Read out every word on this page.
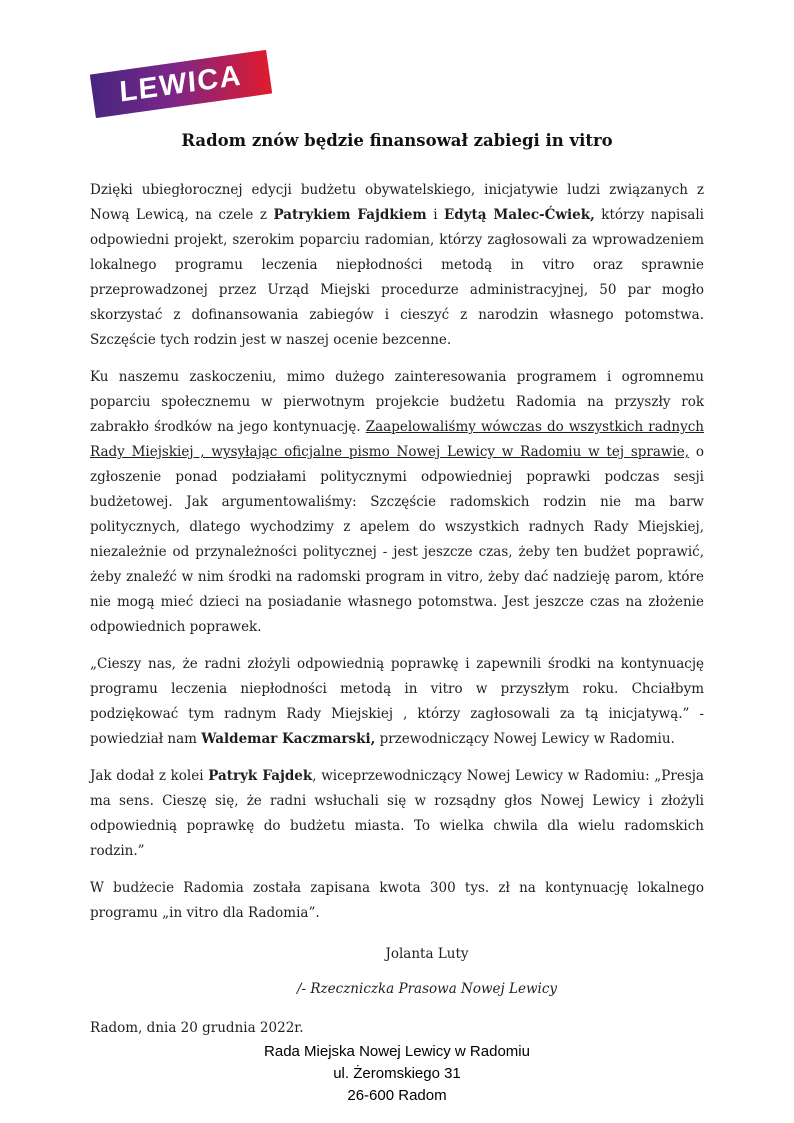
LEWICA
Radom znów będzie finansował zabiegi in vitro

Dzięki ubiegłorocznej edycji budżetu obywatelskiego, inicjatywie ludzi związanych z Nową Lewicą, na czele z Patrykiem Fajdkiem i Edytą Malec-Ćwiek, którzy napisali odpowiedni projekt, szerokim poparciu radomian, którzy zagłosowali za wprowadzeniem lokalnego programu leczenia niepłodności metodą in vitro oraz sprawnie przeprowadzonej przez Urząd Miejski procedurze administracyjnej, 50 par mogło skorzystać z dofinansowania zabiegów i cieszyć z narodzin własnego potomstwa. Szczęście tych rodzin jest w naszej ocenie bezcenne.

Ku naszemu zaskoczeniu, mimo dużego zainteresowania programem i ogromnemu poparciu społecznemu w pierwotnym projekcie budżetu Radomia na przyszły rok zabrakło środków na jego kontynuację. Zaapelowaliśmy wówczas do wszystkich radnych Rady Miejskiej , wysyłając oficjalne pismo Nowej Lewicy w Radomiu w tej sprawie, o zgłoszenie ponad podziałami politycznymi odpowiedniej poprawki podczas sesji budżetowej. Jak argumentowaliśmy: Szczęście radomskich rodzin nie ma barw politycznych, dlatego wychodzimy z apelem do wszystkich radnych Rady Miejskiej, niezależnie od przynależności politycznej - jest jeszcze czas, żeby ten budżet poprawić, żeby znaleźć w nim środki na radomski program in vitro, żeby dać nadzieję parom, które nie mogą mieć dzieci na posiadanie własnego potomstwa. Jest jeszcze czas na złożenie odpowiednich poprawek.

„Cieszy nas, że radni złożyli odpowiednią poprawkę i zapewnili środki na kontynuację programu leczenia niepłodności metodą in vitro w przyszłym roku. Chciałbym podziękować tym radnym Rady Miejskiej , którzy zagłosowali za tą inicjatywą.” - powiedział nam Waldemar Kaczmarski, przewodniczący Nowej Lewicy w Radomiu.

Jak dodał z kolei Patryk Fajdek, wiceprzewodniczący Nowej Lewicy w Radomiu: „Presja ma sens. Cieszę się, że radni wsłuchali się w rozsądny głos Nowej Lewicy i złożyli odpowiednią poprawkę do budżetu miasta. To wielka chwila dla wielu radomskich rodzin.”

W budżecie Radomia została zapisana kwota 300 tys. zł na kontynuację lokalnego programu „in vitro dla Radomia”.

Jolanta Luty

/- Rzeczniczka Prasowa Nowej Lewicy

Radom, dnia 20 grudnia 2022r.

Rada Miejska Nowej Lewicy w Radomiu
ul. Żeromskiego 31
26-600 Radom
